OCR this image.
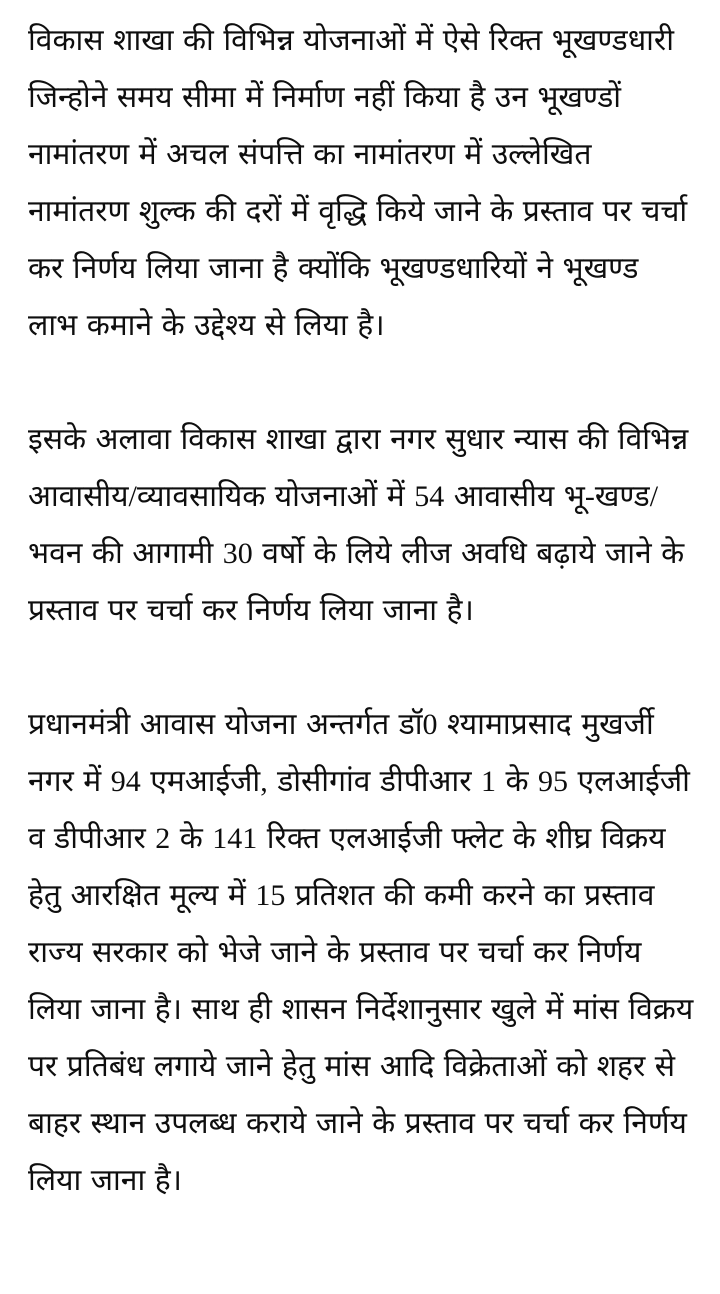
विकास शाखा की विभिन्न योजनाओं में ऐसे रिक्त भूखण्डधारी जिन्होने समय सीमा में निर्माण नहीं किया है उन भूखण्डों नामांतरण में अचल संपत्ति का नामांतरण में उल्लेखित नामांतरण शुल्क की दरों में वृद्धि किये जाने के प्रस्ताव पर चर्चा कर निर्णय लिया जाना है क्योंकि भूखण्डधारियों ने भूखण्ड लाभ कमाने के उद्देश्य से लिया है।

इसके अलावा विकास शाखा द्वारा नगर सुधार न्यास की विभिन्न आवासीय/व्यावसायिक योजनाओं में 54 आवासीय भू-खण्ड/भवन की आगामी 30 वर्षो के लिये लीज अवधि बढ़ाये जाने के प्रस्ताव पर चर्चा कर निर्णय लिया जाना है।

प्रधानमंत्री आवास योजना अन्तर्गत डॉ0 श्यामाप्रसाद मुखर्जी नगर में 94 एमआईजी, डोसीगांव डीपीआर 1 के 95 एलआईजी व डीपीआर 2 के 141 रिक्त एलआईजी फ्लेट के शीघ्र विक्रय हेतु आरक्षित मूल्य में 15 प्रतिशत की कमी करने का प्रस्ताव राज्य सरकार को भेजे जाने के प्रस्ताव पर चर्चा कर निर्णय लिया जाना है। साथ ही शासन निर्देशानुसार खुले में मांस विक्रय पर प्रतिबंध लगाये जाने हेतु मांस आदि विक्रेताओं को शहर से बाहर स्थान उपलब्ध कराये जाने के प्रस्ताव पर चर्चा कर निर्णय लिया जाना है।
